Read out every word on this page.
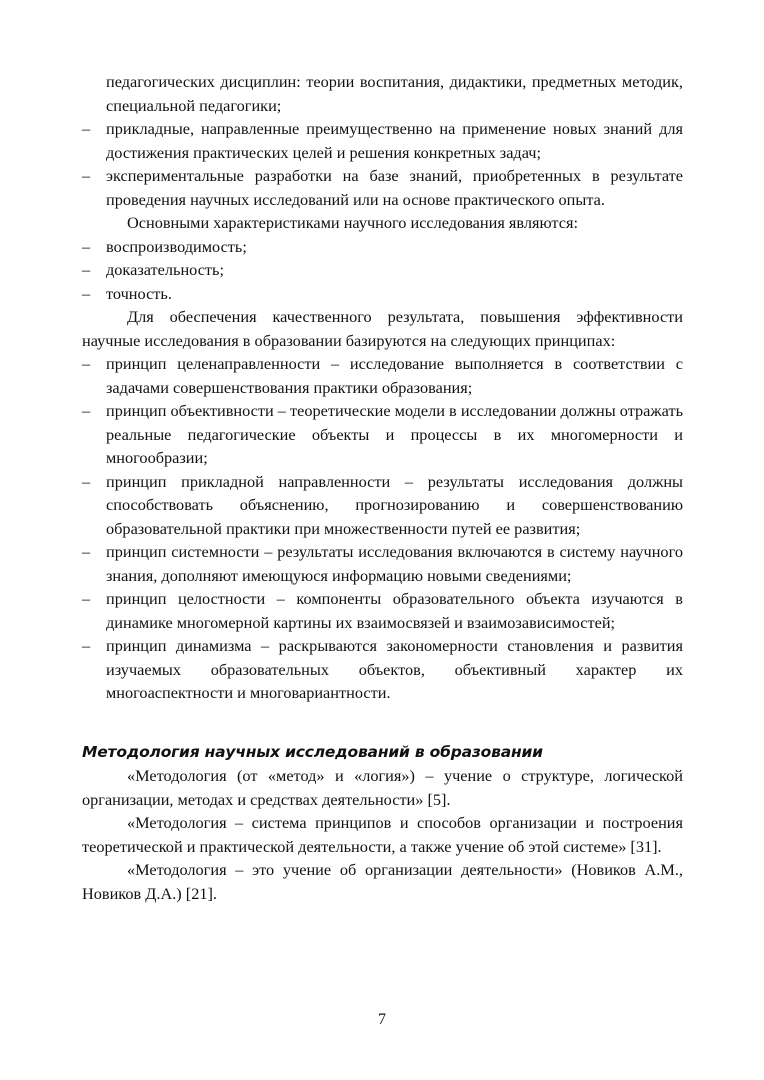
педагогических дисциплин: теории воспитания, дидактики, предметных методик, специальной педагогики;
– прикладные, направленные преимущественно на применение новых знаний для достижения практических целей и решения конкретных задач;
– экспериментальные разработки на базе знаний, приобретенных в результате проведения научных исследований или на основе практического опыта.
Основными характеристиками научного исследования являются:
– воспроизводимость;
– доказательность;
– точность.
Для обеспечения качественного результата, повышения эффективности научные исследования в образовании базируются на следующих принципах:
– принцип целенаправленности – исследование выполняется в соответствии с задачами совершенствования практики образования;
– принцип объективности – теоретические модели в исследовании должны отражать реальные педагогические объекты и процессы в их многомерности и многообразии;
– принцип прикладной направленности – результаты исследования должны способствовать объяснению, прогнозированию и совершенствованию образовательной практики при множественности путей ее развития;
– принцип системности – результаты исследования включаются в систему научного знания, дополняют имеющуюся информацию новыми сведениями;
– принцип целостности – компоненты образовательного объекта изучаются в динамике многомерной картины их взаимосвязей и взаимозависимостей;
– принцип динамизма – раскрываются закономерности становления и развития изучаемых образовательных объектов, объективный характер их многоаспектности и многовариантности.
Методология научных исследований в образовании
«Методология (от «метод» и «логия») – учение о структуре, логической организации, методах и средствах деятельности» [5].
«Методология – система принципов и способов организации и построения теоретической и практической деятельности, а также учение об этой системе» [31].
«Методология – это учение об организации деятельности» (Новиков А.М., Новиков Д.А.) [21].
7
